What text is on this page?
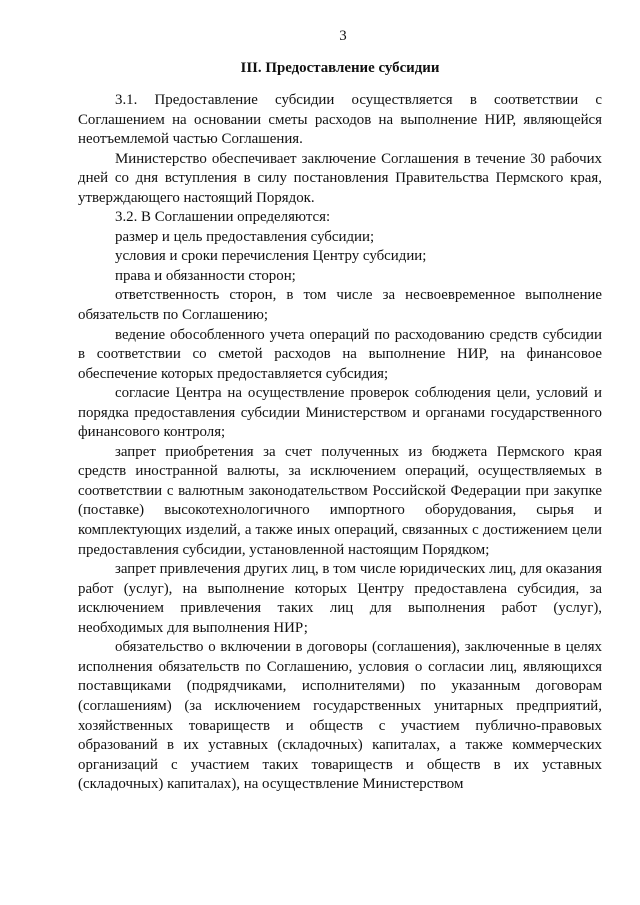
3
III. Предоставление субсидии

3.1. Предоставление субсидии осуществляется в соответствии с Соглашением на основании сметы расходов на выполнение НИР, являющейся неотъемлемой частью Соглашения.

Министерство обеспечивает заключение Соглашения в течение 30 рабочих дней со дня вступления в силу постановления Правительства Пермского края, утверждающего настоящий Порядок.

3.2. В Соглашении определяются:

размер и цель предоставления субсидии;

условия и сроки перечисления Центру субсидии;

права и обязанности сторон;

ответственность сторон, в том числе за несвоевременное выполнение обязательств по Соглашению;

ведение обособленного учета операций по расходованию средств субсидии в соответствии со сметой расходов на выполнение НИР, на финансовое обеспечение которых предоставляется субсидия;

согласие Центра на осуществление проверок соблюдения цели, условий и порядка предоставления субсидии Министерством и органами государственного финансового контроля;

запрет приобретения за счет полученных из бюджета Пермского края средств иностранной валюты, за исключением операций, осуществляемых в соответствии с валютным законодательством Российской Федерации при закупке (поставке) высокотехнологичного импортного оборудования, сырья и комплектующих изделий, а также иных операций, связанных с достижением цели предоставления субсидии, установленной настоящим Порядком;

запрет привлечения других лиц, в том числе юридических лиц, для оказания работ (услуг), на выполнение которых Центру предоставлена субсидия, за исключением привлечения таких лиц для выполнения работ (услуг), необходимых для выполнения НИР;

обязательство о включении в договоры (соглашения), заключенные в целях исполнения обязательств по Соглашению, условия о согласии лиц, являющихся поставщиками (подрядчиками, исполнителями) по указанным договорам (соглашениям) (за исключением государственных унитарных предприятий, хозяйственных товариществ и обществ с участием публично-правовых образований в их уставных (складочных) капиталах, а также коммерческих организаций с участием таких товариществ и обществ в их уставных (складочных) капиталах), на осуществление Министерством
